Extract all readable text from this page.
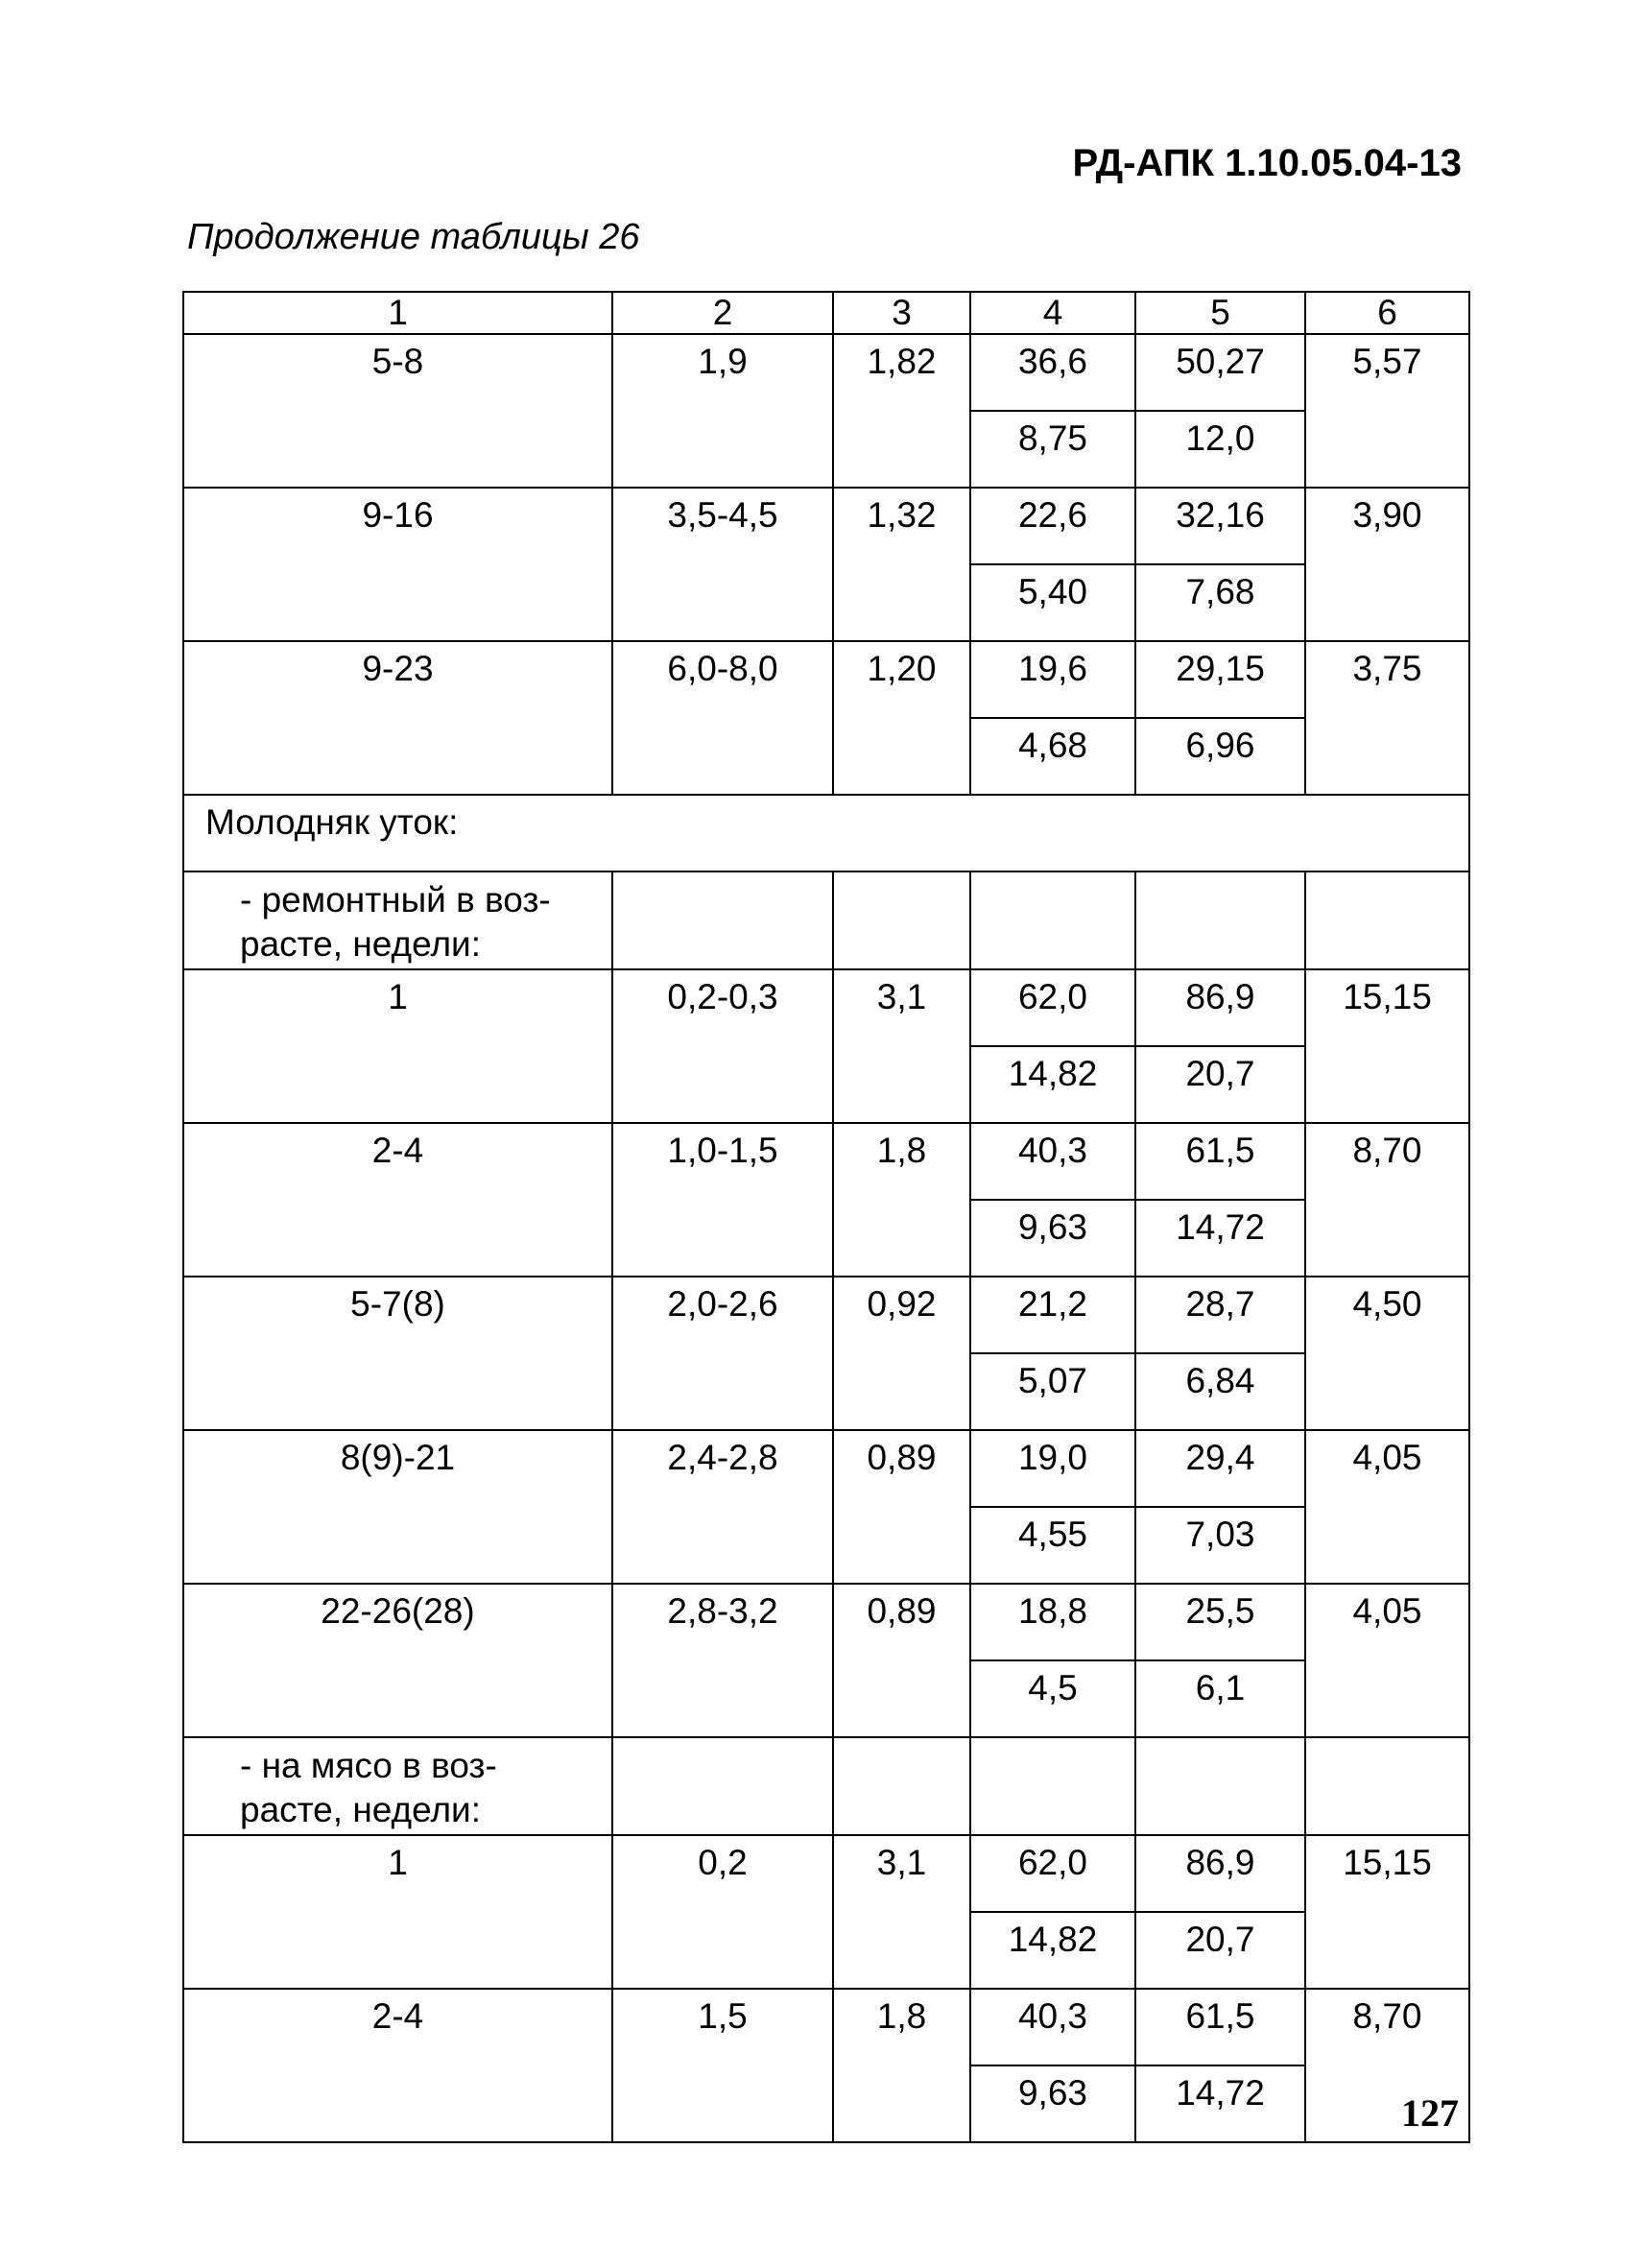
РД-АПК 1.10.05.04-13
Продолжение таблицы 26
1	2	3	4	5	6
5-8	1,9	1,82	36,6	50,27	5,57
			8,75	12,0	
9-16	3,5-4,5	1,32	22,6	32,16	3,90
			5,40	7,68	
9-23	6,0-8,0	1,20	19,6	29,15	3,75
			4,68	6,96	
Молодняк уток:					
- ремонтный в воз-
расте, недели:					
1	0,2-0,3	3,1	62,0	86,9	15,15
			14,82	20,7	
2-4	1,0-1,5	1,8	40,3	61,5	8,70
			9,63	14,72	
5-7(8)	2,0-2,6	0,92	21,2	28,7	4,50
			5,07	6,84	
8(9)-21	2,4-2,8	0,89	19,0	29,4	4,05
			4,55	7,03	
22-26(28)	2,8-3,2	0,89	18,8	25,5	4,05
			4,5	6,1	
- на мясо в воз-
расте, недели:					
1	0,2	3,1	62,0	86,9	15,15
			14,82	20,7	
2-4	1,5	1,8	40,3	61,5	8,70
			9,63	14,72		127
